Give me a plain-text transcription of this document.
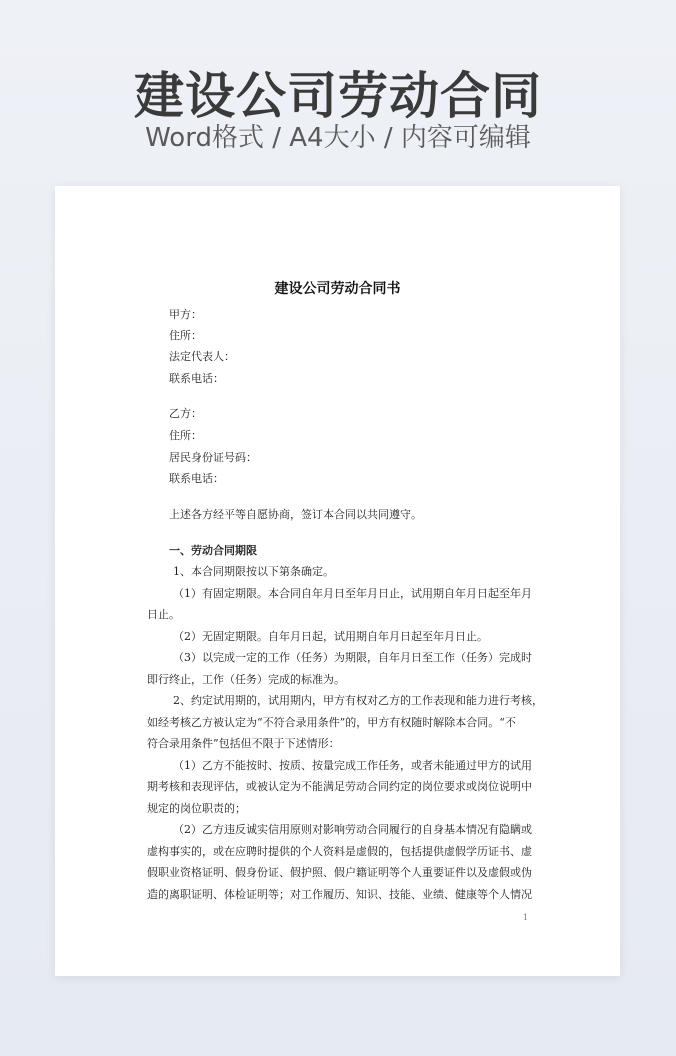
建设公司劳动合同
Word格式 / A4大小 / 内容可编辑
建设公司劳动合同书
甲方：
住所：
法定代表人：
联系电话：
乙方：
住所：
居民身份证号码：
联系电话：
上述各方经平等自愿协商，签订本合同以共同遵守。
一、劳动合同期限
1、本合同期限按以下第条确定。
（1）有固定期限。本合同自年月日至年月日止，试用期自年月日起至年月
日止。
（2）无固定期限。自年月日起，试用期自年月日起至年月日止。
（3）以完成一定的工作（任务）为期限，自年月日至工作（任务）完成时
即行终止，工作（任务）完成的标准为。
2、约定试用期的，试用期内，甲方有权对乙方的工作表现和能力进行考核，
如经考核乙方被认定为“不符合录用条件”的，甲方有权随时解除本合同。“不
符合录用条件”包括但不限于下述情形：
（1）乙方不能按时、按质、按量完成工作任务，或者未能通过甲方的试用
期考核和表现评估，或被认定为不能满足劳动合同约定的岗位要求或岗位说明中
规定的岗位职责的；
（2）乙方违反诚实信用原则对影响劳动合同履行的自身基本情况有隐瞒或
虚构事实的，或在应聘时提供的个人资料是虚假的，包括提供虚假学历证书、虚
假职业资格证明、假身份证、假护照、假户籍证明等个人重要证件以及虚假或伪
造的离职证明、体检证明等；对工作履历、知识、技能、业绩、健康等个人情况
1
